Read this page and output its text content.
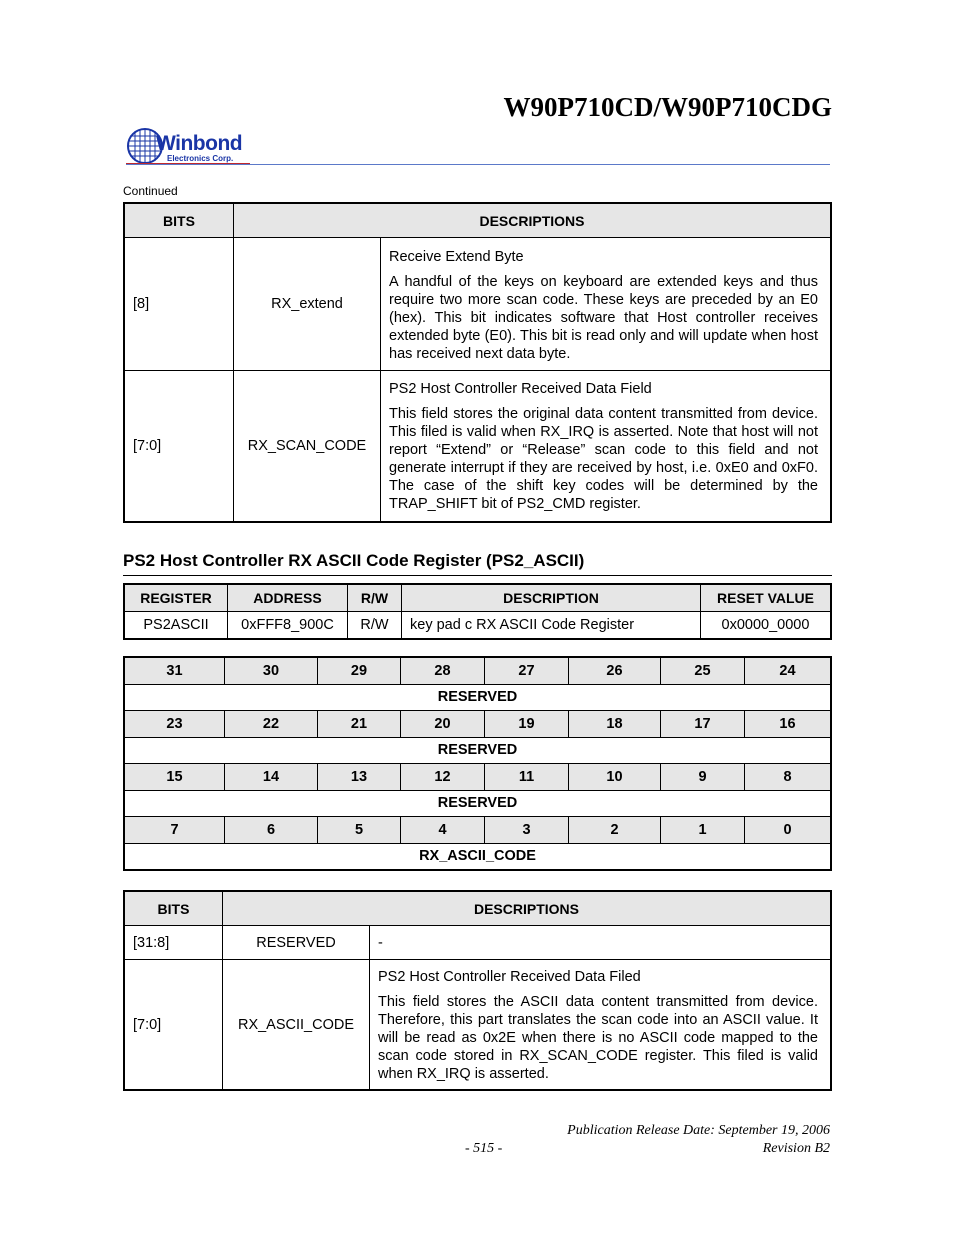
W90P710CD/W90P710CDG
Winbond
Electronics Corp.
Continued
BITS	DESCRIPTIONS	
[8]	RX_extend	Receive Extend Byte
A handful of the keys on keyboard are extended keys and thus require two more scan code. These keys are preceded by an E0 (hex). This bit indicates software that Host controller receives extended byte (E0). This bit is read only and will update when host has received next data byte.

[7:0]	RX_SCAN_CODE	PS2 Host Controller Received Data Field
This field stores the original data content transmitted from device. This filed is valid when RX_IRQ is asserted. Note that host will not report “Extend” or “Release” scan code to this field and not generate interrupt if they are received by host, i.e. 0xE0 and 0xF0. The case of the shift key codes will be determined by the TRAP_SHIFT bit of PS2_CMD register.
PS2 Host Controller RX ASCII Code Register (PS2_ASCII)
REGISTER	ADDRESS	R/W	DESCRIPTION	RESET VALUE
PS2ASCII	0xFFF8_900C	R/W	key pad c RX ASCII Code Register	0x0000_0000
31	30	29	28	27	26	25	24
RESERVED							
23	22	21	20	19	18	17	16
RESERVED							
15	14	13	12	11	10	9	8
RESERVED							
7	6	5	4	3	2	1	0
RX_ASCII_CODE							
BITS	DESCRIPTIONS	
[31:8]	RESERVED	-
[7:0]	RX_ASCII_CODE	PS2 Host Controller Received Data Filed
This field stores the ASCII data content transmitted from device. Therefore, this part translates the scan code into an ASCII value. It will be read as 0x2E when there is no ASCII code mapped to the scan code stored in RX_SCAN_CODE register. This filed is valid when RX_IRQ is asserted.
Publication Release Date: September 19, 2006
- 515 -	Revision B2
